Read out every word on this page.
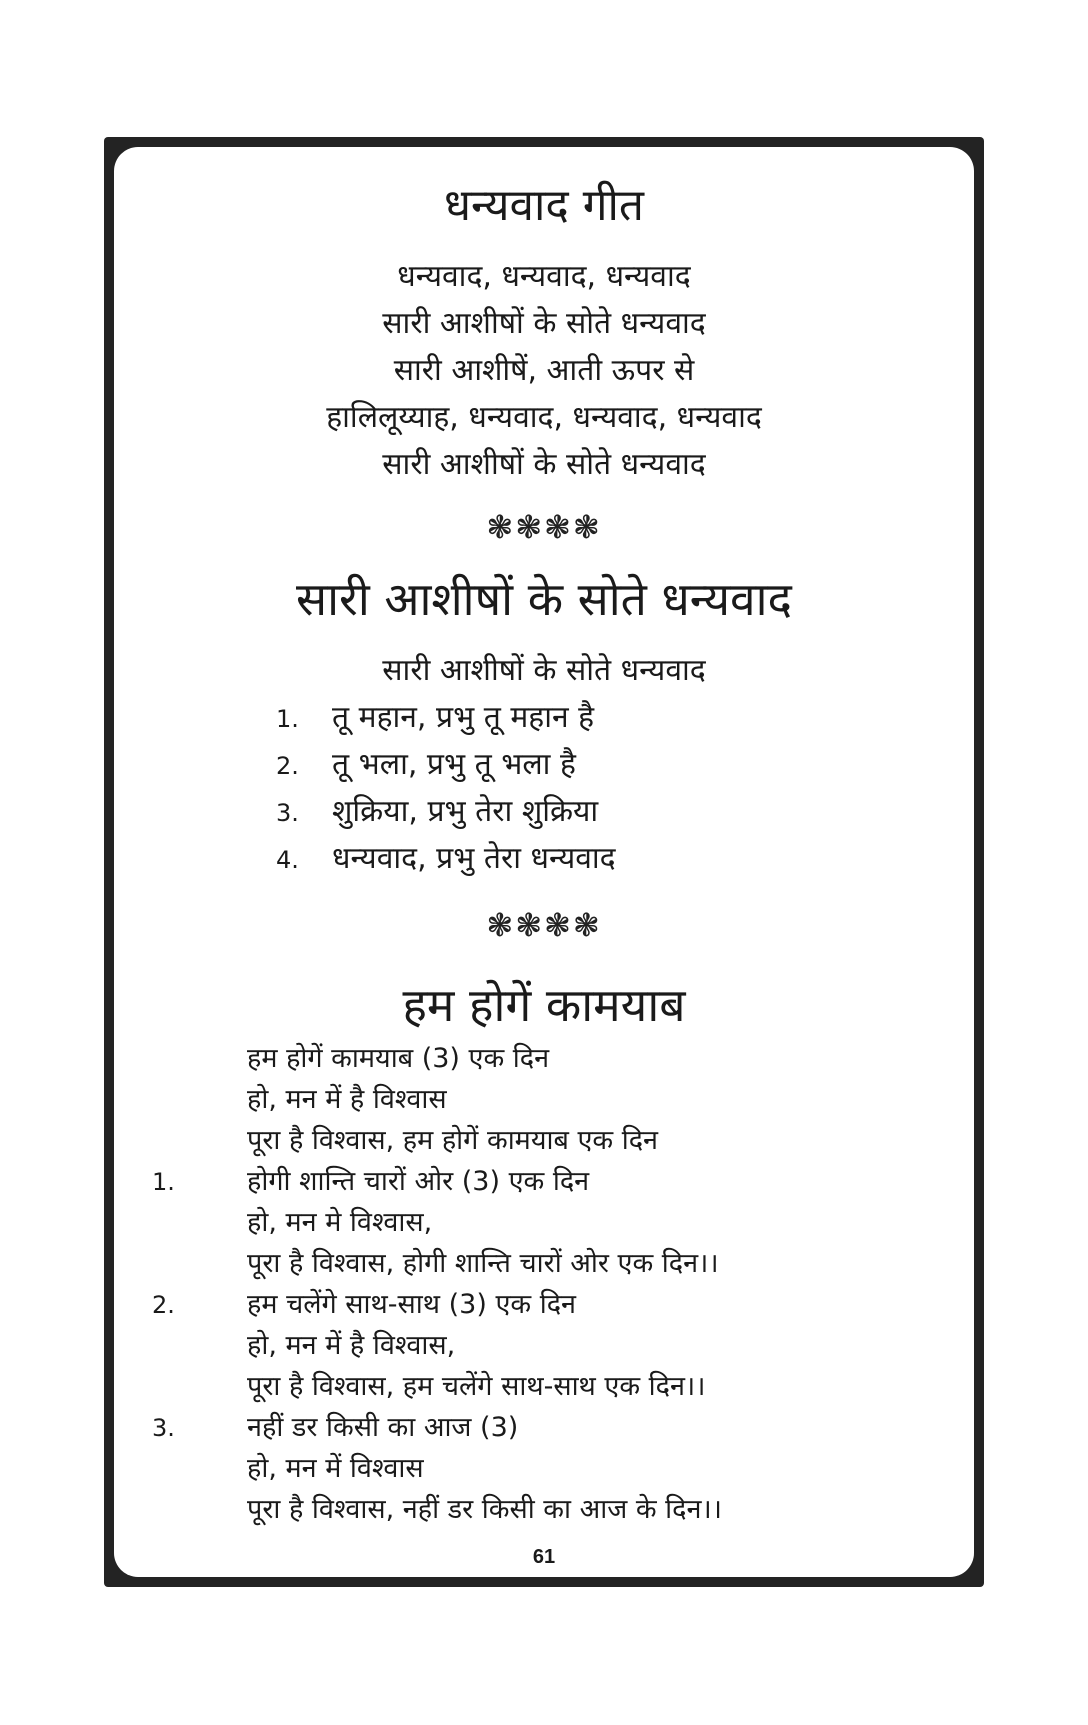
धन्यवाद गीत
धन्यवाद, धन्यवाद, धन्यवाद
सारी आशीषों के सोते धन्यवाद
सारी आशीषें, आती ऊपर से
हालिलूय्याह, धन्यवाद, धन्यवाद, धन्यवाद
सारी आशीषों के सोते धन्यवाद
❃❃❃❃
सारी आशीषों के सोते धन्यवाद
सारी आशीषों के सोते धन्यवाद
1. तू महान, प्रभु तू महान है
2. तू भला, प्रभु तू भला है
3. शुक्रिया, प्रभु तेरा शुक्रिया
4. धन्यवाद, प्रभु तेरा धन्यवाद
❃❃❃❃
हम होगें कामयाब
हम होगें कामयाब (3) एक दिन
हो, मन में है विश्वास
पूरा है विश्वास, हम होगें कामयाब एक दिन
1.	होगी शान्ति चारों ओर (3) एक दिन
हो, मन मे विश्वास,
पूरा है विश्वास, होगी शान्ति चारों ओर एक दिन।।
2.	हम चलेंगे साथ-साथ (3) एक दिन
हो, मन में है विश्वास,
पूरा है विश्वास, हम चलेंगे साथ-साथ एक दिन।।
3.	नहीं डर किसी का आज (3)
हो, मन में विश्वास
पूरा है विश्वास, नहीं डर किसी का आज के दिन।।
61
